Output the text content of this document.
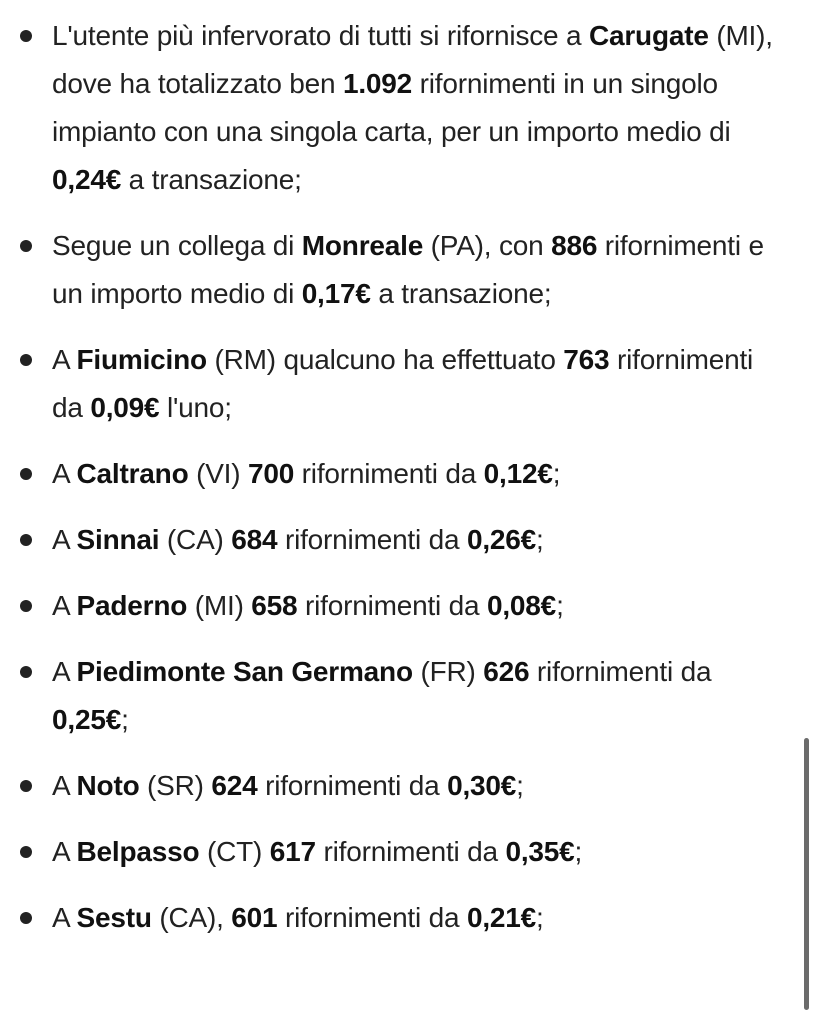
L'utente più infervorato di tutti si rifornisce a Carugate (MI), dove ha totalizzato ben 1.092 rifornimenti in un singolo impianto con una singola carta, per un importo medio di 0,24€ a transazione;
Segue un collega di Monreale (PA), con 886 rifornimenti e un importo medio di 0,17€ a transazione;
A Fiumicino (RM) qualcuno ha effettuato 763 rifornimenti da 0,09€ l'uno;
A Caltrano (VI) 700 rifornimenti da 0,12€;
A Sinnai (CA) 684 rifornimenti da 0,26€;
A Paderno (MI) 658 rifornimenti da 0,08€;
A Piedimonte San Germano (FR) 626 rifornimenti da 0,25€;
A Noto (SR) 624 rifornimenti da 0,30€;
A Belpasso (CT) 617 rifornimenti da 0,35€;
A Sestu (CA), 601 rifornimenti da 0,21€;
